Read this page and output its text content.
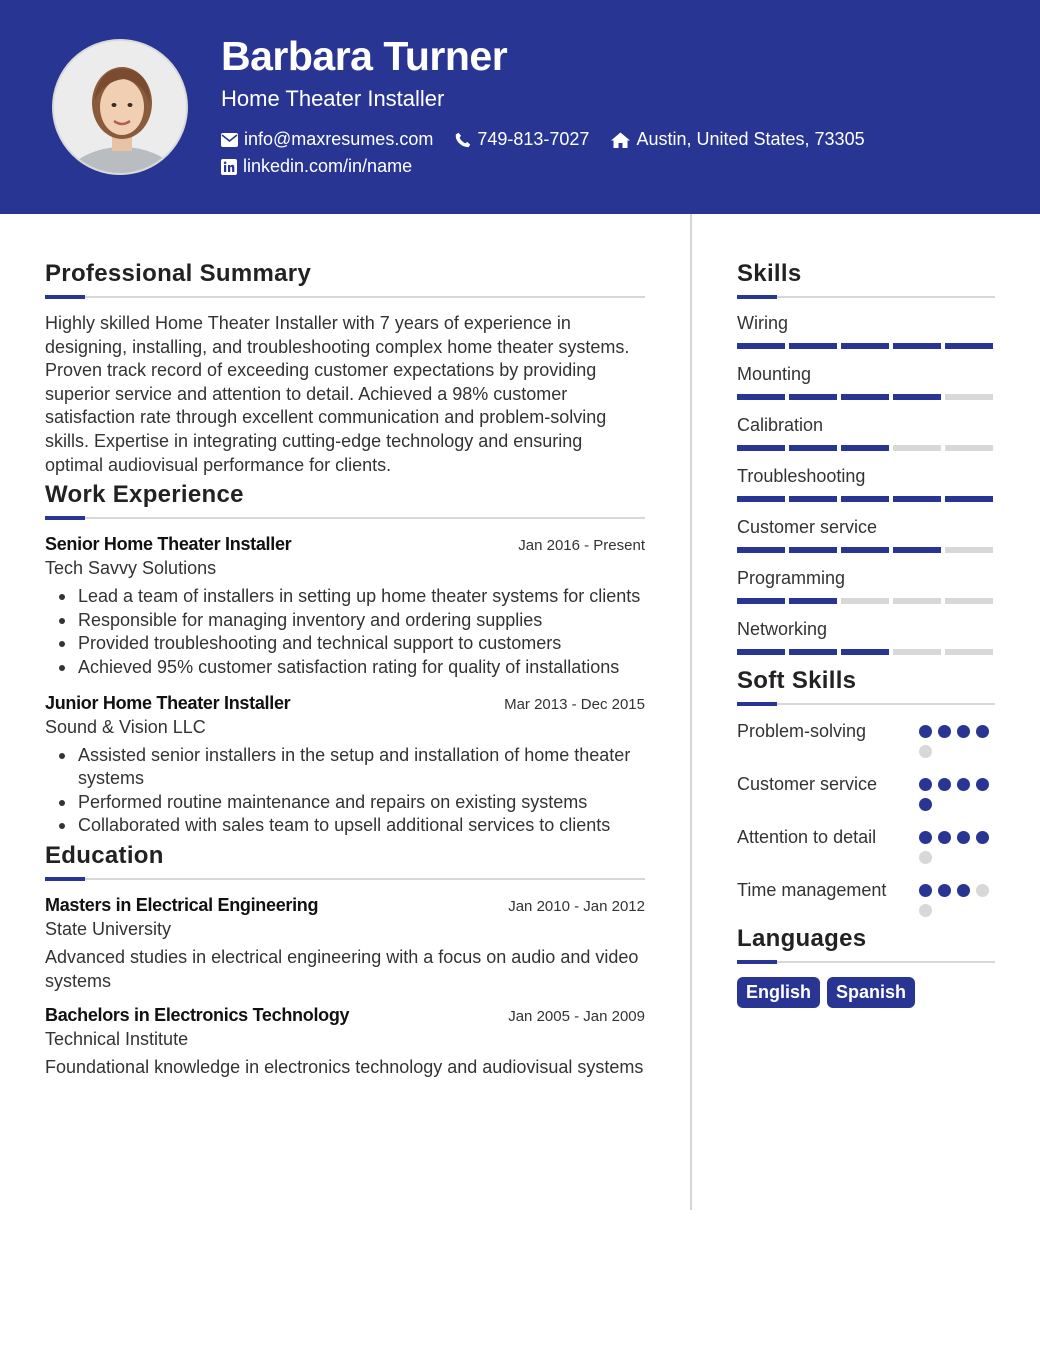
Barbara Turner
Home Theater Installer
info@maxresumes.com 749-813-7027	Austin, United States, 73305
linkedin.com/in/name
Professional Summary

Highly skilled Home Theater Installer with 7 years of experience in designing, installing, and troubleshooting complex home theater systems. Proven track record of exceeding customer expectations by providing superior service and attention to detail. Achieved a 98% customer satisfaction rate through excellent communication and problem-solving skills. Expertise in integrating cutting-edge technology and ensuring optimal audiovisual performance for clients.

Work Experience
Senior Home Theater Installer	Jan 2016 - Present
Tech Savvy Solutions
Lead a team of installers in setting up home theater systems for clients
Responsible for managing inventory and ordering supplies
Provided troubleshooting and technical support to customers
Achieved 95% customer satisfaction rating for quality of installations
Junior Home Theater Installer	Mar 2013 - Dec 2015
Sound & Vision LLC
Assisted senior installers in the setup and installation of home theater systems
Performed routine maintenance and repairs on existing systems
Collaborated with sales team to upsell additional services to clients
Education
Masters in Electrical Engineering	Jan 2010 - Jan 2012
State University

Advanced studies in electrical engineering with a focus on audio and video systems

Bachelors in Electronics Technology	Jan 2005 - Jan 2009
Technical Institute

Foundational knowledge in electronics technology and audiovisual systems

Skills
Wiring
Mounting
Calibration
Troubleshooting
Customer service
Programming
Networking
Soft Skills
Problem-solving
Customer service
Attention to detail
Time management
Languages
English	Spanish
